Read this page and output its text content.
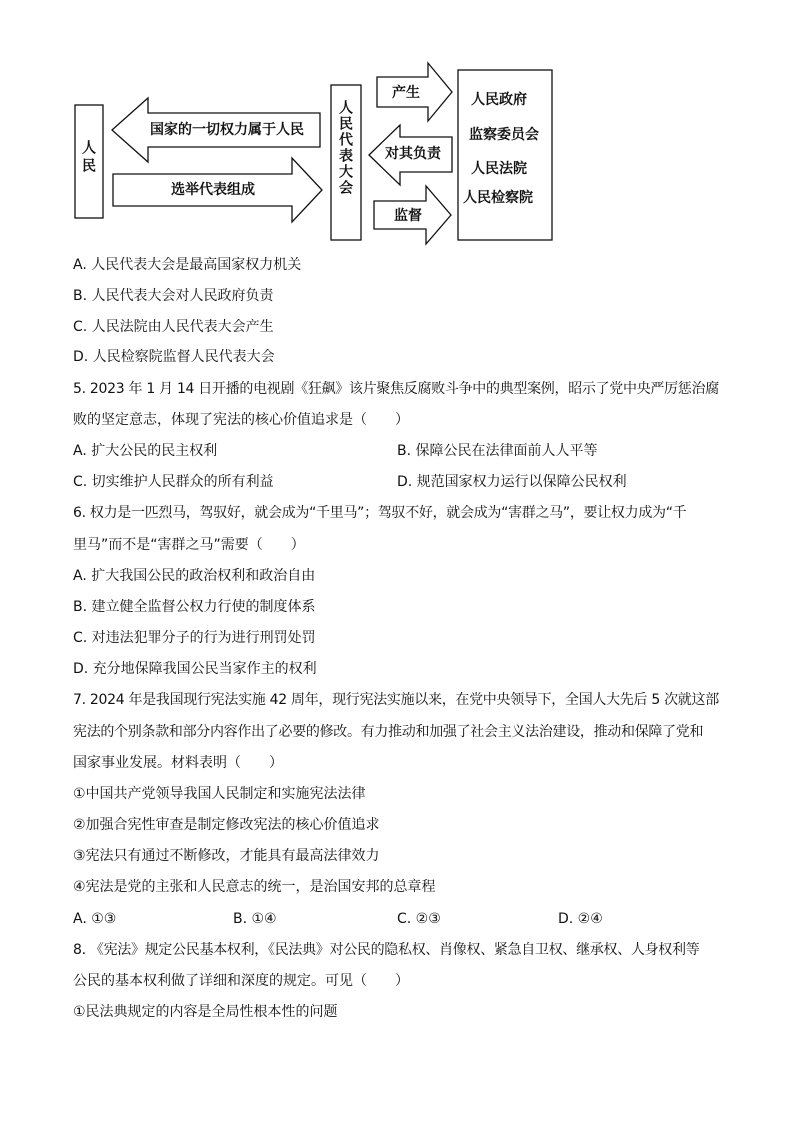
人民
国家的一切权力属于人民
选举代表组成	人民代表大会
产生
对其负责
监督
人民政府
监察委员会
人民法院
人民检察院
A. 人民代表大会是最高国家权力机关
B. 人民代表大会对人民政府负责
C. 人民法院由人民代表大会产生
D. 人民检察院监督人民代表大会
5. 2023 年 1 月 14 日开播的电视剧《狂飙》该片聚焦反腐败斗争中的典型案例，昭示了党中央严厉惩治腐
败的坚定意志，体现了宪法的核心价值追求是（　　）
A. 扩大公民的民主权利	B. 保障公民在法律面前人人平等
C. 切实维护人民群众的所有利益	D. 规范国家权力运行以保障公民权利
6. 权力是一匹烈马，驾驭好，就会成为“千里马”；驾驭不好，就会成为“害群之马”，要让权力成为“千
里马”而不是“害群之马”需要（　　）
A. 扩大我国公民的政治权利和政治自由
B. 建立健全监督公权力行使的制度体系
C. 对违法犯罪分子的行为进行刑罚处罚
D. 充分地保障我国公民当家作主的权利
7. 2024 年是我国现行宪法实施 42 周年，现行宪法实施以来，在党中央领导下，全国人大先后 5 次就这部
宪法的个别条款和部分内容作出了必要的修改。有力推动和加强了社会主义法治建设，推动和保障了党和
国家事业发展。材料表明（　　）
①中国共产党领导我国人民制定和实施宪法法律
②加强合宪性审查是制定修改宪法的核心价值追求
③宪法只有通过不断修改，才能具有最高法律效力
④宪法是党的主张和人民意志的统一，是治国安邦的总章程
A. ①③	B. ①④	C. ②③	D. ②④
8. 《宪法》规定公民基本权利，《民法典》对公民的隐私权、肖像权、紧急自卫权、继承权、人身权利等
公民的基本权利做了详细和深度的规定。可见（　　）
①民法典规定的内容是全局性根本性的问题
